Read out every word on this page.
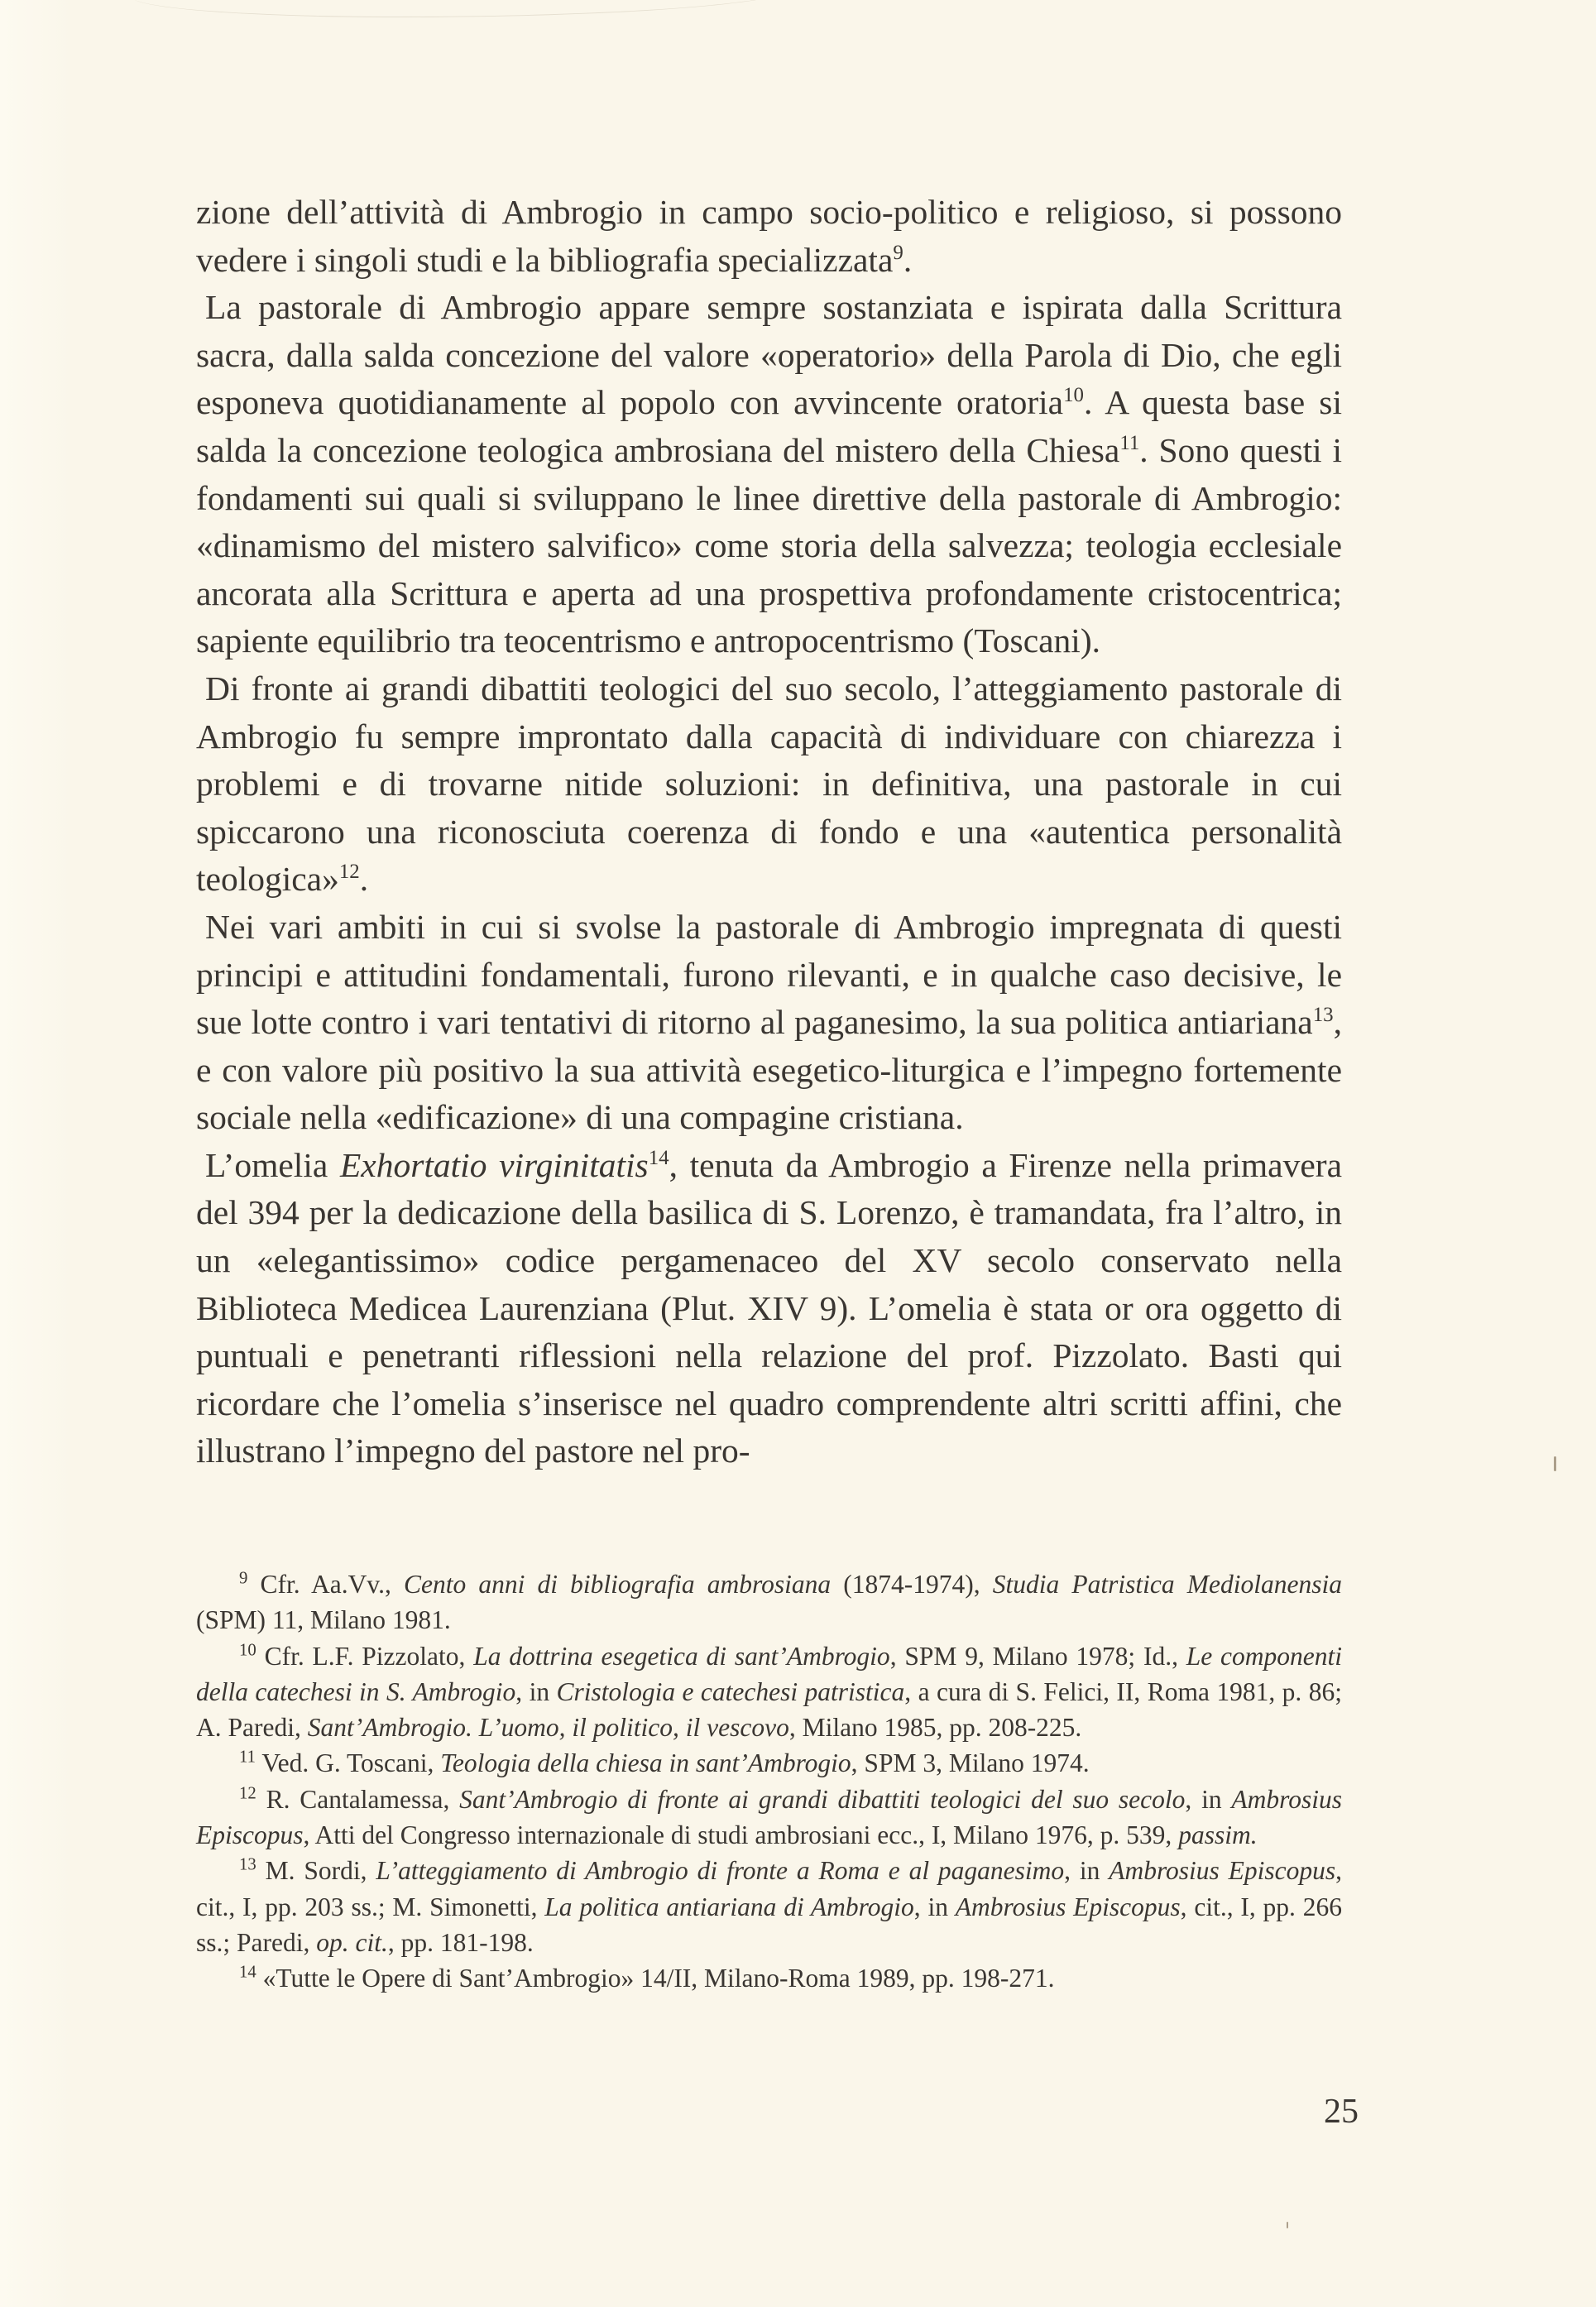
zione dell’attività di Ambrogio in campo socio-politico e religioso, si possono vedere i singoli studi e la bibliografia specializzata$^9$.

La pastorale di Ambrogio appare sempre sostanziata e ispirata dalla Scrittura sacra, dalla salda concezione del valore «operatorio» della Parola di Dio, che egli esponeva quotidianamente al popolo con avvincente oratoria$^{10}$. A questa base si salda la concezione teologica ambrosiana del mistero della Chiesa$^{11}$. Sono questi i fondamenti sui quali si sviluppano le linee direttive della pastorale di Ambrogio: «dinamismo del mistero salvifico» come storia della salvezza; teologia ecclesiale ancorata alla Scrittura e aperta ad una prospettiva profondamente cristocentrica; sapiente equilibrio tra teocentrismo e antropocentrismo (Toscani).

Di fronte ai grandi dibattiti teologici del suo secolo, l’atteggiamento pastorale di Ambrogio fu sempre improntato dalla capacità di individuare con chiarezza i problemi e di trovarne nitide soluzioni: in definitiva, una pastorale in cui spiccarono una riconosciuta coerenza di fondo e una «autentica personalità teologica»$^{12}$.

Nei vari ambiti in cui si svolse la pastorale di Ambrogio impregnata di questi principi e attitudini fondamentali, furono rilevanti, e in qualche caso decisive, le sue lotte contro i vari tentativi di ritorno al paganesimo, la sua politica antiariana$^{13}$, e con valore più positivo la sua attività esegetico-liturgica e l’impegno fortemente sociale nella «edificazione» di una compagine cristiana.

L’omelia Exhortatio virginitatis$^{14}$, tenuta da Ambrogio a Firenze nella primavera del 394 per la dedicazione della basilica di S. Lorenzo, è tramandata, fra l’altro, in un «elegantissimo» codice pergamenaceo del XV secolo conservato nella Biblioteca Medicea Laurenziana (Plut. XIV 9). L’omelia è stata or ora oggetto di puntuali e penetranti riflessioni nella relazione del prof. Pizzolato. Basti qui ricordare che l’omelia s’inserisce nel quadro comprendente altri scritti affini, che illustrano l’impegno del pastore nel pro-

$^9$ Cfr. Aa.Vv., Cento anni di bibliografia ambrosiana (1874-1974), Studia Patristica Mediolanensia (SPM) 11, Milano 1981.

$^{10}$ Cfr. L.F. Pizzolato, La dottrina esegetica di sant’Ambrogio, SPM 9, Milano 1978; Id., Le componenti della catechesi in S. Ambrogio, in Cristologia e catechesi patristica, a cura di S. Felici, II, Roma 1981, p. 86; A. Paredi, Sant’Ambrogio. L’uomo, il politico, il vescovo, Milano 1985, pp. 208-225.

$^{11}$ Ved. G. Toscani, Teologia della chiesa in sant’Ambrogio, SPM 3, Milano 1974.

$^{12}$ R. Cantalamessa, Sant’Ambrogio di fronte ai grandi dibattiti teologici del suo secolo, in Ambrosius Episcopus, Atti del Congresso internazionale di studi ambrosiani ecc., I, Milano 1976, p. 539, passim.

$^{13}$ M. Sordi, L’atteggiamento di Ambrogio di fronte a Roma e al paganesimo, in Ambrosius Episcopus, cit., I, pp. 203 ss.; M. Simonetti, La politica antiariana di Ambrogio, in Ambrosius Episcopus, cit., I, pp. 266 ss.; Paredi, op. cit., pp. 181-198.

$^{14}$ «Tutte le Opere di Sant’Ambrogio» 14/II, Milano-Roma 1989, pp. 198-271.

25
